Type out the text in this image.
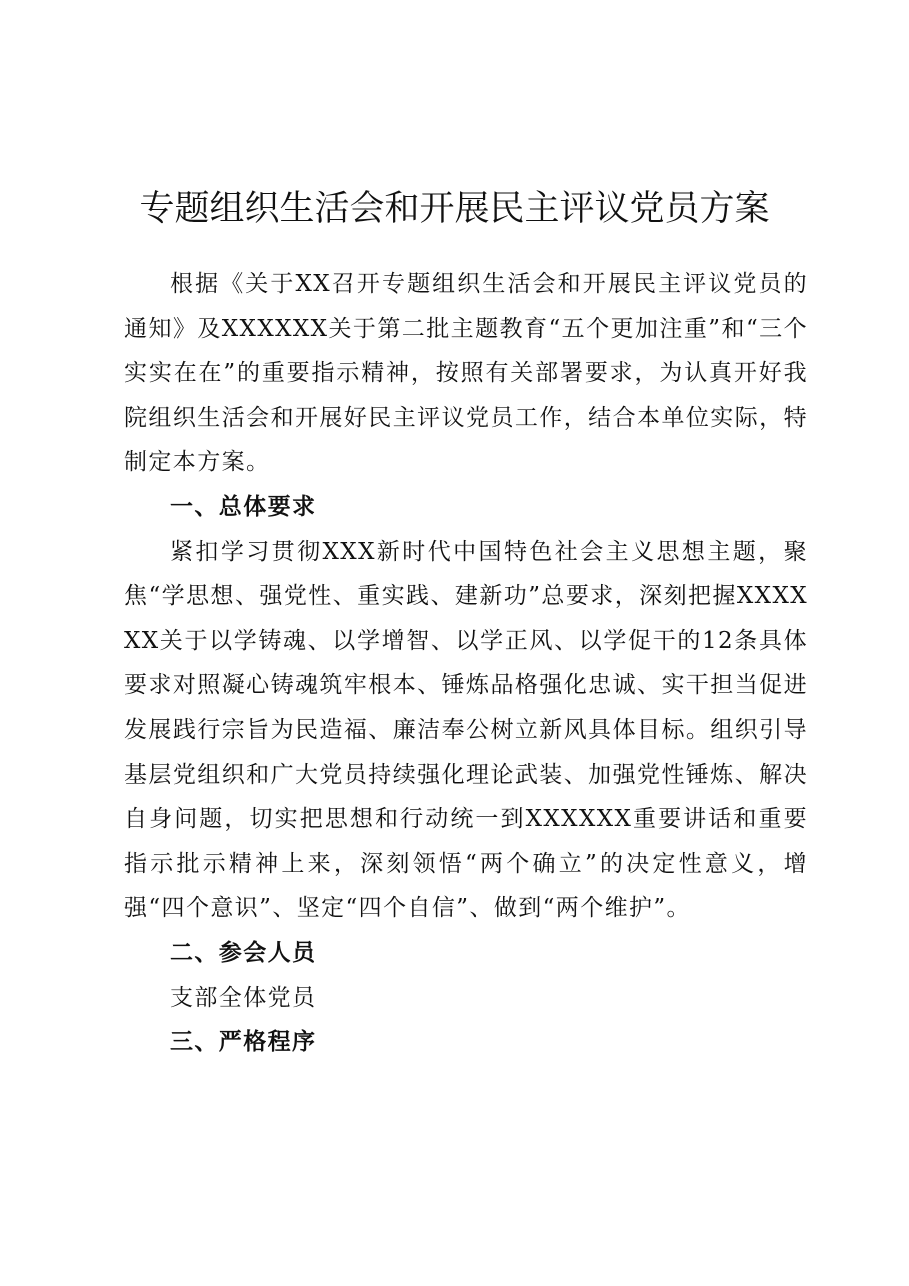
专题组织生活会和开展民主评议党员方案

根据《关于XX召开专题组织生活会和开展民主评议党员的通知》及XXXXXX关于第二批主题教育“五个更加注重”和“三个实实在在”的重要指示精神，按照有关部署要求，为认真开好我院组织生活会和开展好民主评议党员工作，结合本单位实际，特制定本方案。

一、总体要求

紧扣学习贯彻XXX新时代中国特色社会主义思想主题，聚焦“学思想、强党性、重实践、建新功”总要求，深刻把握XXXXXX关于以学铸魂、以学增智、以学正风、以学促干的12条具体要求对照凝心铸魂筑牢根本、锤炼品格强化忠诚、实干担当促进发展践行宗旨为民造福、廉洁奉公树立新风具体目标。组织引导基层党组织和广大党员持续强化理论武装、加强党性锤炼、解决自身问题，切实把思想和行动统一到XXXXXX重要讲话和重要指示批示精神上来，深刻领悟“两个确立”的决定性意义，增强“四个意识”、坚定“四个自信”、做到“两个维护”。

二、参会人员

支部全体党员

三、严格程序
